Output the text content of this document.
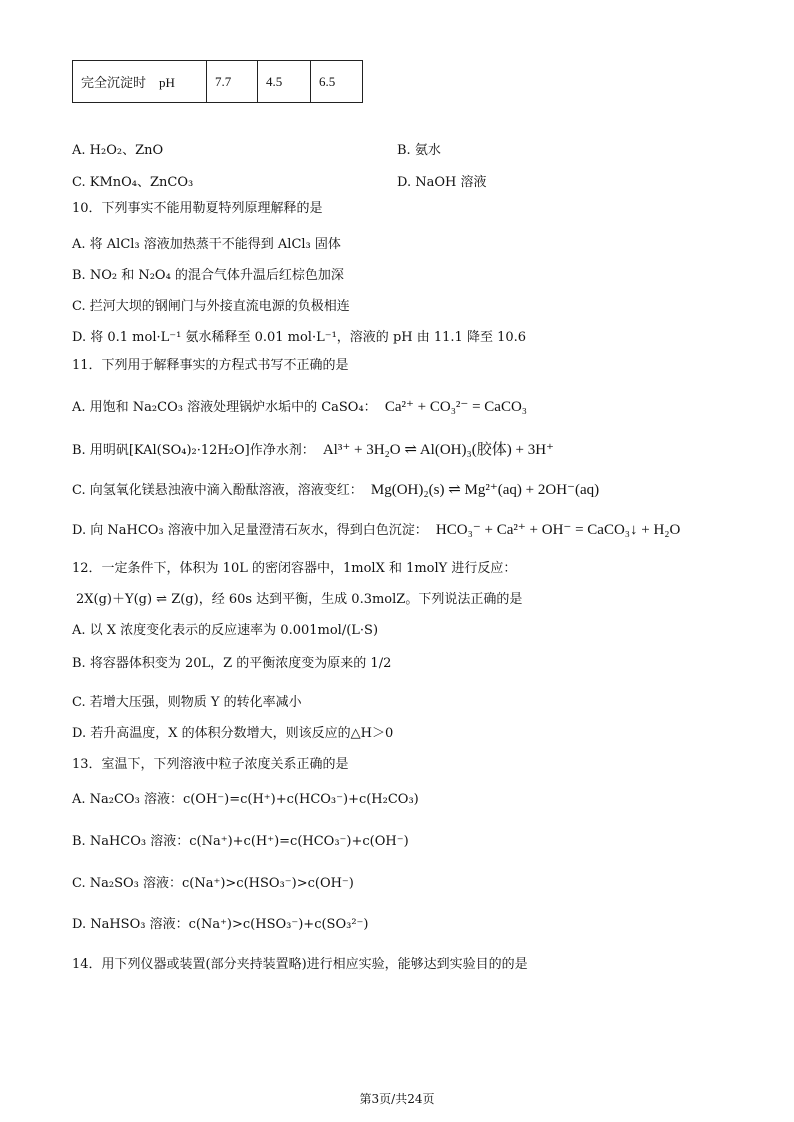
完全沉淀时　pH	7.7	4.5	6.5
A. H₂O₂、ZnO	B. 氨水
C. KMnO₄、ZnCO₃	D. NaOH 溶液
10．下列事实不能用勒夏特列原理解释的是
A. 将 AlCl₃ 溶液加热蒸干不能得到 AlCl₃ 固体
B. NO₂ 和 N₂O₄ 的混合气体升温后红棕色加深
C. 拦河大坝的钢闸门与外接直流电源的负极相连
D. 将 0.1 mol·L⁻¹ 氨水稀释至 0.01 mol·L⁻¹，溶液的 pH 由 11.1 降至 10.6
11．下列用于解释事实的方程式书写不正确的是
A. 用饱和 Na₂CO₃ 溶液处理锅炉水垢中的 CaSO₄： Ca²⁺ + CO₃²⁻ = CaCO₃
B. 用明矾[KAl(SO₄)₂·12H₂O]作净水剂： Al³⁺ + 3H₂O ⇌ Al(OH)₃(胶体) + 3H⁺
C. 向氢氧化镁悬浊液中滴入酚酞溶液，溶液变红： Mg(OH)₂(s) ⇌ Mg²⁺(aq) + 2OH⁻(aq)
D. 向 NaHCO₃ 溶液中加入足量澄清石灰水，得到白色沉淀： HCO₃⁻ + Ca²⁺ + OH⁻ = CaCO₃↓ + H₂O
12．一定条件下，体积为 10L 的密闭容器中，1molX 和 1molY 进行反应：
2X(g)＋Y(g) ⇌ Z(g)，经 60s 达到平衡，生成 0.3molZ。下列说法正确的是
A. 以 X 浓度变化表示的反应速率为 0.001mol/(L·S)
B. 将容器体积变为 20L，Z 的平衡浓度变为原来的 1/2
C. 若增大压强，则物质 Y 的转化率减小
D. 若升高温度，X 的体积分数增大，则该反应的△H＞0
13．室温下，下列溶液中粒子浓度关系正确的是
A. Na₂CO₃ 溶液：c(OH⁻)=c(H⁺)+c(HCO₃⁻)+c(H₂CO₃)
B. NaHCO₃ 溶液：c(Na⁺)+c(H⁺)=c(HCO₃⁻)+c(OH⁻)
C. Na₂SO₃ 溶液：c(Na⁺)>c(HSO₃⁻)>c(OH⁻)
D. NaHSO₃ 溶液：c(Na⁺)>c(HSO₃⁻)+c(SO₃²⁻)
14．用下列仪器或装置(部分夹持装置略)进行相应实验，能够达到实验目的的是
第3页/共24页
